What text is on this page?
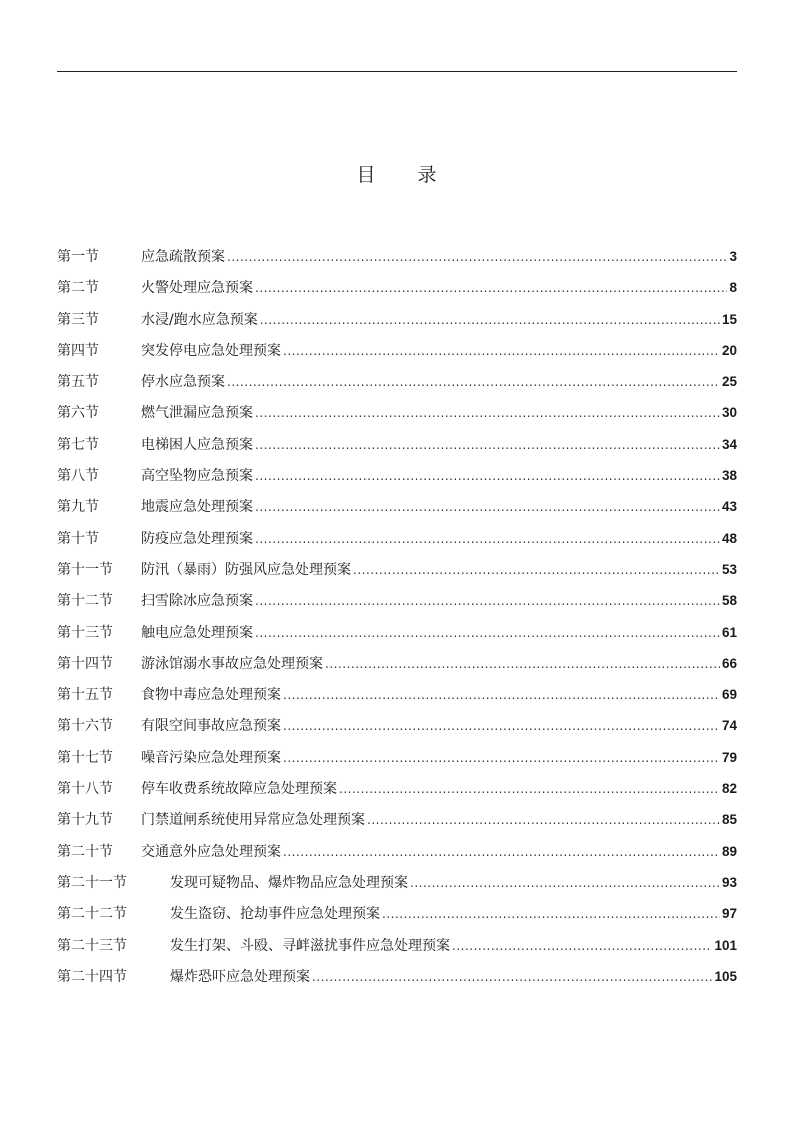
目 录
第一节	应急疏散预案 .....	3
第二节	火警处理应急预案 .....	8
第三节	水浸/跑水应急预案 .....	15
第四节	突发停电应急处理预案 .....	20
第五节	停水应急预案 .....	25
第六节	燃气泄漏应急预案 .....	30
第七节	电梯困人应急预案 .....	34
第八节	高空坠物应急预案 .....	38
第九节	地震应急处理预案 .....	43
第十节	防疫应急处理预案 .....	48
第十一节	防汛（暴雨）防强风应急处理预案 .....	53
第十二节	扫雪除冰应急预案 .....	58
第十三节	触电应急处理预案 .....	61
第十四节	游泳馆溺水事故应急处理预案 .....	66
第十五节	食物中毒应急处理预案 .....	69
第十六节	有限空间事故应急预案 .....	74
第十七节	噪音污染应急处理预案 .....	79
第十八节	停车收费系统故障应急处理预案 .....	82
第十九节	门禁道闸系统使用异常应急处理预案 .....	85
第二十节	交通意外应急处理预案 .....	89
第二十一节	发现可疑物品、爆炸物品应急处理预案 .....	93
第二十二节	发生盗窃、抢劫事件应急处理预案 .....	97
第二十三节	发生打架、斗殴、寻衅滋扰事件应急处理预案 .....	101
第二十四节	爆炸恐吓应急处理预案 .....	105
